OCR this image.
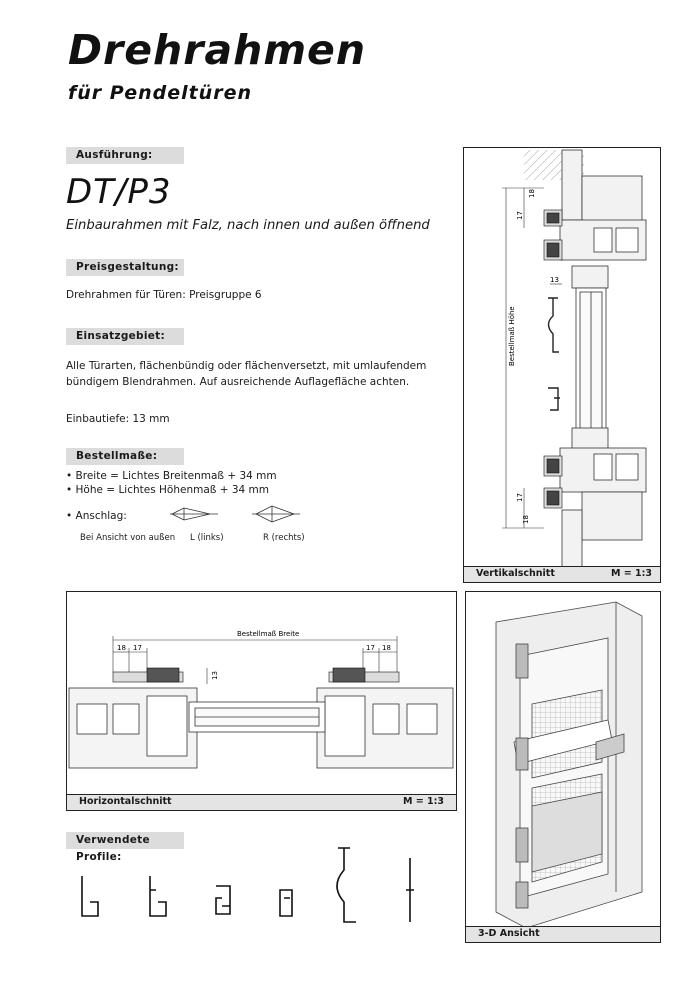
Drehrahmen
für Pendeltüren
Ausführung:
DT/P3
Einbaurahmen mit Falz, nach innen und außen öffnend
Preisgestaltung:
Drehrahmen für Türen: Preisgruppe 6
Einsatzgebiet:
Alle Türarten, flächenbündig oder flächenversetzt, mit umlaufendem
bündigem Blendrahmen. Auf ausreichende Auflagefläche achten.
Einbautiefe: 13 mm
Bestellmaße:
• Breite = Lichtes Breitenmaß + 34 mm
• Höhe = Lichtes Höhenmaß + 34 mm
• Anschlag:
Bei Ansicht von außen L (links)	R (rechts)
Bestellmaß Höhe
18
17
13
17
18
Vertikalschnitt	M = 1:3
Bestellmaß Breite
18 17	17 18
13
Horizontalschnitt	M = 1:3
3-D Ansicht
Verwendete Profile:
